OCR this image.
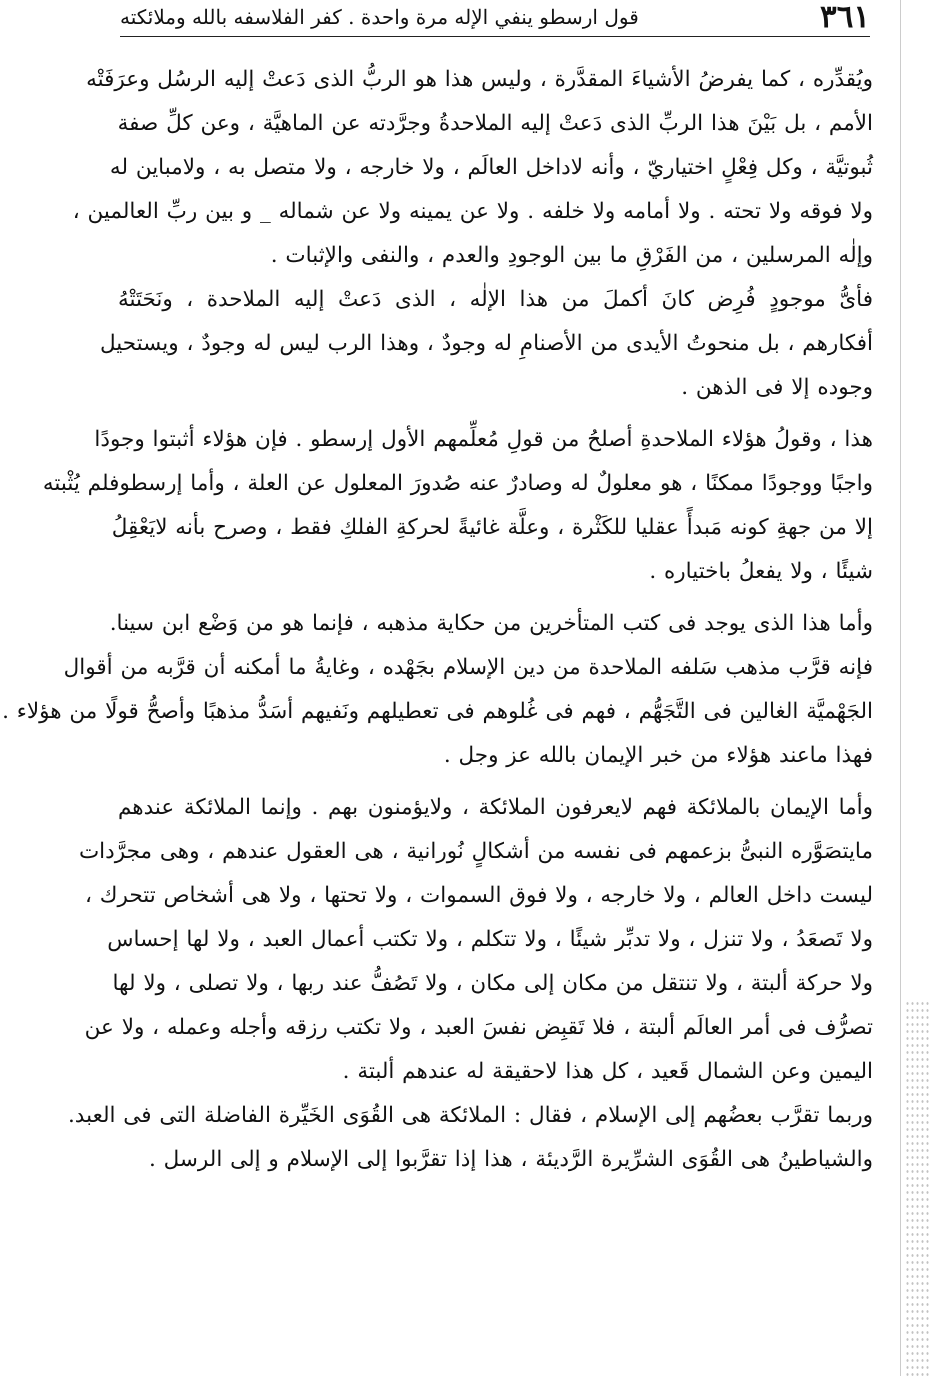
٣٦١
قول ارسطو ينفي الإله مرة واحدة . كفر الفلاسفه بالله وملائكته
ويُقدِّره ، كما يفرضُ الأشياءَ المقدَّرة ، وليس هذا هو الربُّ الذى دَعتْ إليه الرسُل وعرَفَتْه
الأمم ، بل بَيْنَ هذا الربِّ الذى دَعتْ إليه الملاحدةُ وجرَّدته عن الماهيَّة ، وعن كلِّ صفة
ثُبوتيَّة ، وكل فِعْلٍ اختياريّ ، وأنه لاداخل العالَم ، ولا خارجه ، ولا متصل به ، ولامباين له
ولا فوقه ولا تحته . ولا أمامه ولا خلفه . ولا عن يمينه ولا عن شماله _ و بين ربِّ العالمين ،
وإلٰه المرسلين ، من الفَرْقِ ما بين الوجودِ والعدم ، والنفى والإثبات .
فأىُّ موجودٍ فُرِض كانَ أكملَ من هذا الإلٰه ، الذى دَعتْ إليه الملاحدة ، ونَحَتَتْهُ
أفكارهم ، بل منحوتُ الأيدى من الأصنامِ له وجودٌ ، وهذا الرب ليس له وجودٌ ، ويستحيل
وجوده إلا فى الذهن .
هذا ، وقولُ هؤلاء الملاحدةِ أصلحُ من قولِ مُعلِّمهم الأول إرسطو . فإن هؤلاء أثبتوا وجودًا
واجبًا ووجودًا ممكنًا ، هو معلولٌ له وصادرٌ عنه صُدورَ المعلول عن العلة ، وأما إرسطوفلم يُثْبته
إلا من جهةِ كونه مَبدأً عقليا للكَثْرة ، وعلَّة غائيةً لحركةِ الفلكِ فقط ، وصرح بأنه لايَعْقِلُ
شيئًا ، ولا يفعلُ باختياره .
وأما هذا الذى يوجد فى كتب المتأخرين من حكاية مذهبه ، فإنما هو من وَضْع ابن سينا.
فإنه قرَّب مذهب سَلفه الملاحدة من دين الإسلام بجَهْده ، وغايةُ ما أمكنه أن قرَّبه من أقوال
الجَهْميَّة الغالين فى التَّجَهُّم ، فهم فى غُلوهم فى تعطيلهم ونَفيهم أسَدُّ مذهبًا وأصحُّ قولًا من هؤلاء .
فهذا ماعند هؤلاء من خبر الإيمان بالله عز وجل .
وأما الإيمان بالملائكة فهم لايعرفون الملائكة ، ولايؤمنون بهم . وإنما الملائكة عندهم
مايتصَوَّره النبىُّ بزعمهم فى نفسه من أشكالٍ نُورانية ، هى العقول عندهم ، وهى مجرَّدات
ليست داخل العالم ، ولا خارجه ، ولا فوق السموات ، ولا تحتها ، ولا هى أشخاص تتحرك ،
ولا تَصعَدُ ، ولا تنزل ، ولا تدبِّر شيئًا ، ولا تتكلم ، ولا تكتب أعمال العبد ، ولا لها إحساس
ولا حركة ألبتة ، ولا تنتقل من مكان إلى مكان ، ولا تَصُفُّ عند ربها ، ولا تصلى ، ولا لها
تصرُّف فى أمر العالَم ألبتة ، فلا تَقبِض نفسَ العبد ، ولا تكتب رزقه وأجله وعمله ، ولا عن
اليمين وعن الشمال قَعيد ، كل هذا لاحقيقة له عندهم ألبتة .
وربما تقرَّب بعضُهم إلى الإسلام ، فقال : الملائكة هى القُوَى الخَيِّرة الفاضلة التى فى العبد.
والشياطينُ هى القُوَى الشرِّيرة الرَّديئة ، هذا إذا تقرَّبوا إلى الإسلام و إلى الرسل .
